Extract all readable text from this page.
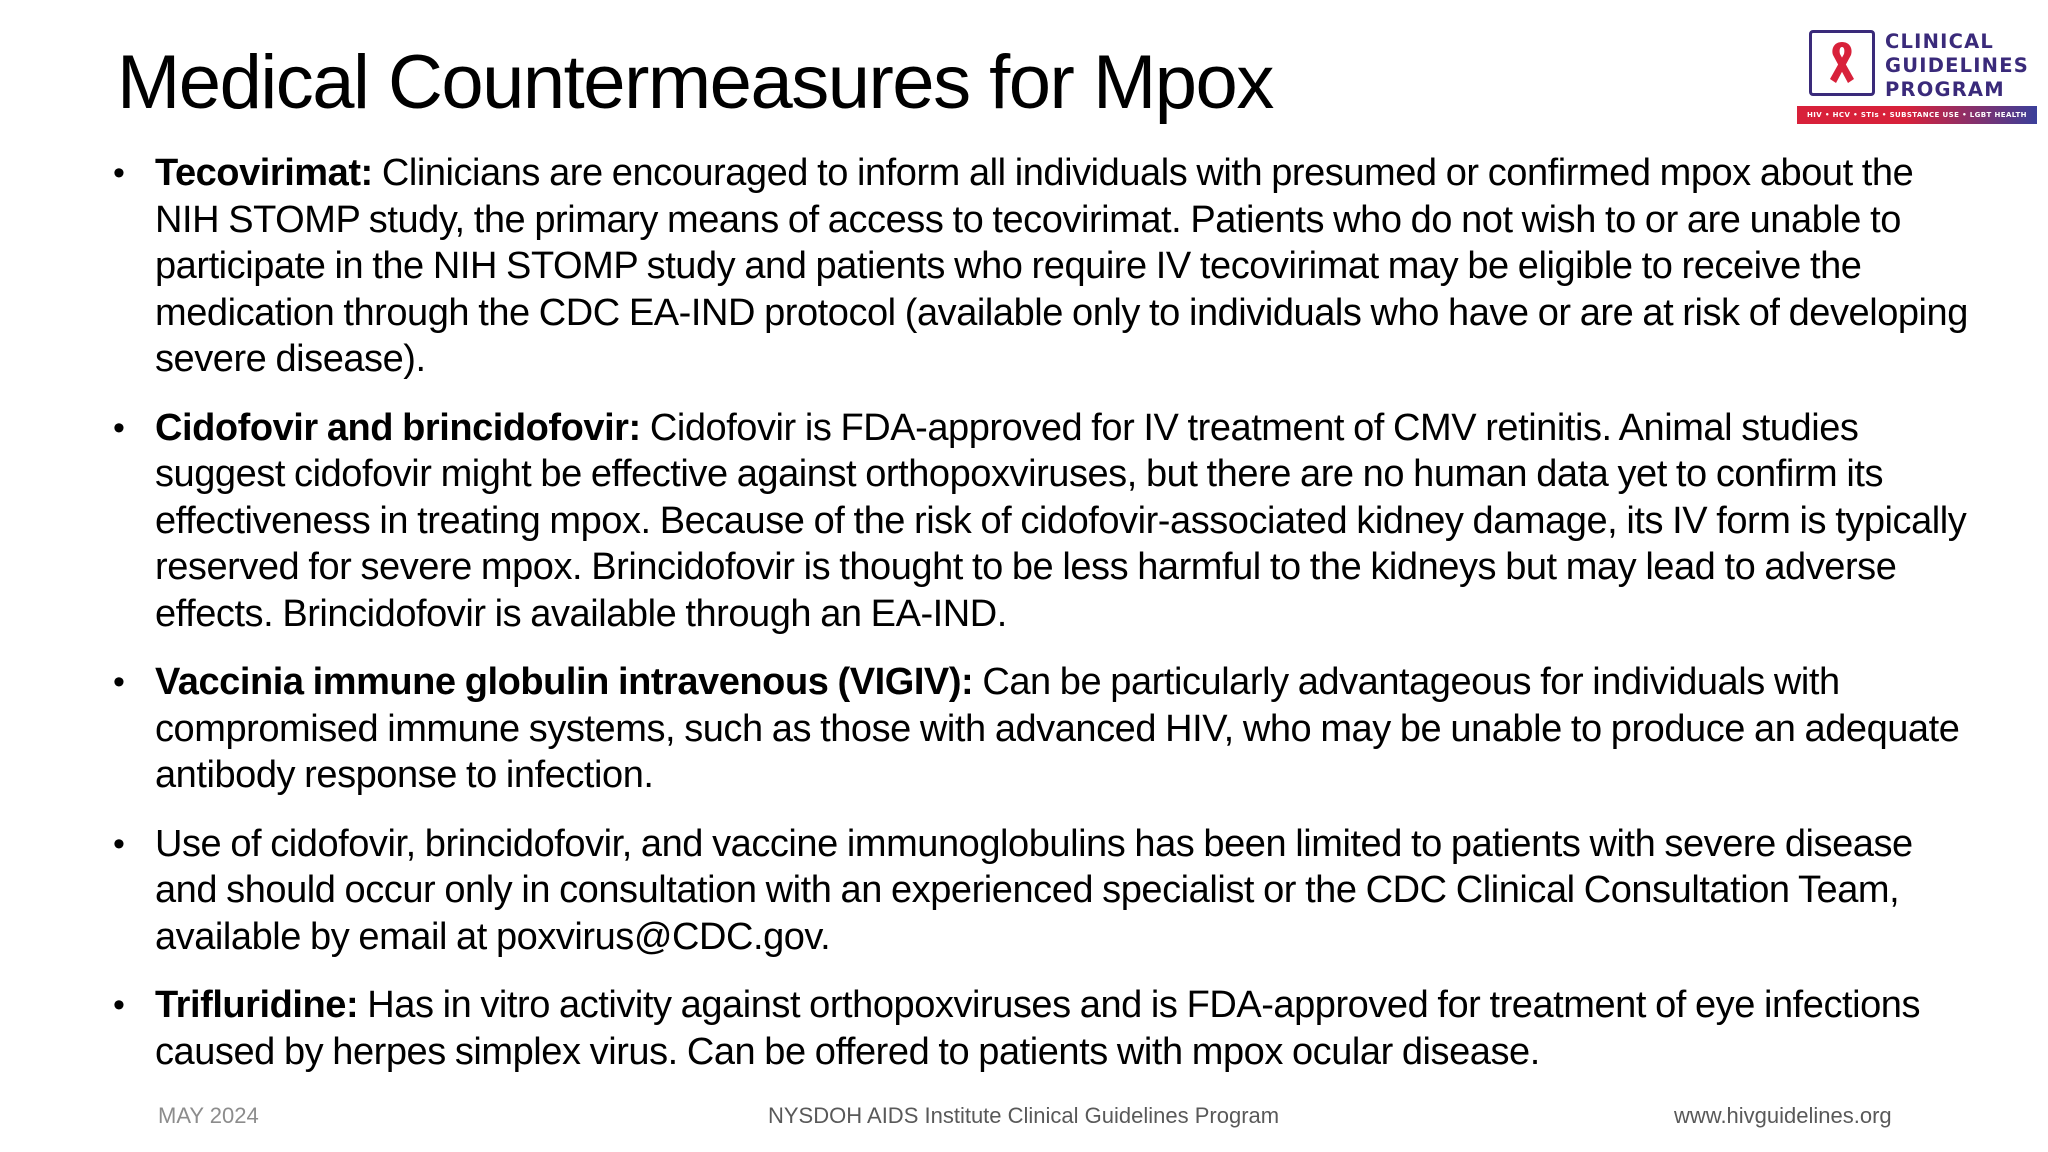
Medical Countermeasures for Mpox	CLINICAL
GUIDELINES
PROGRAM
HIV • HCV • STIs • SUBSTANCE USE • LGBT HEALTH
• Tecovirimat: Clinicians are encouraged to inform all individuals with presumed or confirmed mpox about the NIH STOMP study, the primary means of access to tecovirimat. Patients who do not wish to or are unable to participate in the NIH STOMP study and patients who require IV tecovirimat may be eligible to receive the medication through the CDC EA-IND protocol (available only to individuals who have or are at risk of developing severe disease).
• Cidofovir and brincidofovir: Cidofovir is FDA-approved for IV treatment of CMV retinitis. Animal studies suggest cidofovir might be effective against orthopoxviruses, but there are no human data yet to confirm its effectiveness in treating mpox. Because of the risk of cidofovir-associated kidney damage, its IV form is typically reserved for severe mpox. Brincidofovir is thought to be less harmful to the kidneys but may lead to adverse effects. Brincidofovir is available through an EA-IND.
• Vaccinia immune globulin intravenous (VIGIV): Can be particularly advantageous for individuals with compromised immune systems, such as those with advanced HIV, who may be unable to produce an adequate antibody response to infection.
• Use of cidofovir, brincidofovir, and vaccine immunoglobulins has been limited to patients with severe disease and should occur only in consultation with an experienced specialist or the CDC Clinical Consultation Team, available by email at poxvirus@CDC.gov.
• Trifluridine: Has in vitro activity against orthopoxviruses and is FDA-approved for treatment of eye infections caused by herpes simplex virus. Can be offered to patients with mpox ocular disease.
MAY 2024	NYSDOH AIDS Institute Clinical Guidelines Program	www.hivguidelines.org
